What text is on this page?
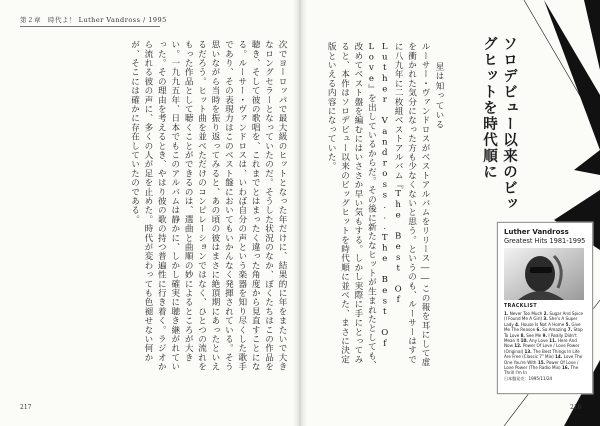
第２章　時代よ！ Luther Vandross / 1995
次でヨーロッパで最大級のヒットとなった年だけに、結果的に年をまたいで大きなロングセラーとなっていたのだ。そうした状況のなか、ぼくたちはこの作品を聴き、そして彼の歌唱を、これまでとはまったく違った角度から見直すことになる。ルーサー・ヴァンドロスは、いわば自分の声という楽器を知り尽くした歌手であり、その表現力はこのベスト盤においてもいかんなく発揮されている。そう思いながら当時を振り返ってみると、あの頃の彼はまさに絶頂期にあったといえるだろう。ヒット曲を並べただけのコンピレーションではなく、ひとつの流れをもった作品として聴くことができるのは、選曲と曲順の妙によるところが大きい。一九九五年、日本でもこのアルバムは静かに、しかし確実に聴き継がれていった。その理由を考えるとき、やはり彼の歌の持つ普遍性に行き着く。ラジオから流れる彼の声に、多くの人が足を止めた。時代が変わっても色褪せない何かが、そこには確かに存在していたのである。
217
ルーサー・ヴァンドロスがベストアルバムをリリース――この報を耳にして虚を衝かれた気分になった方も少なくないと思う。というのも、ルーサーはすでに八九年に二枚組ベストアルバム『The Best Of Luther Vandross...The Best Of Love』を出しているからだ。その後に新たなヒットが生まれたとしても、改めてベスト盤を編むにはいささか早い気もする。しかし実際に手にとってみると、本作はソロデビュー以来のビッグヒットを時代順に並べた、まさに決定版といえる内容になっていた。	星は知っている	ソロデビュー以来のビッグヒットを時代順に
Luther Vandross
Greatest Hits 1981-1995
TRACKLIST
1. Never Too Much 2. Sugar And Spice (I Found Me A Girl) 3. She's A Super Lady 4. House Is Not A Home 5. Give Me The Reason 6. So Amazing 7. Stop To Love 8. See Me 9. I Really Didn't Mean It 10. Any Love 11. Here And Now 12. Power Of Love / Love Power (Original) 13. The Best Things In Life Are Free (Classic 7" Mix) 14. Love The One You're With 15. Power Of Love / Love Power (The Radio Mix) 16. The Thrill I'm In
日本盤発売：1995/11/24
216
